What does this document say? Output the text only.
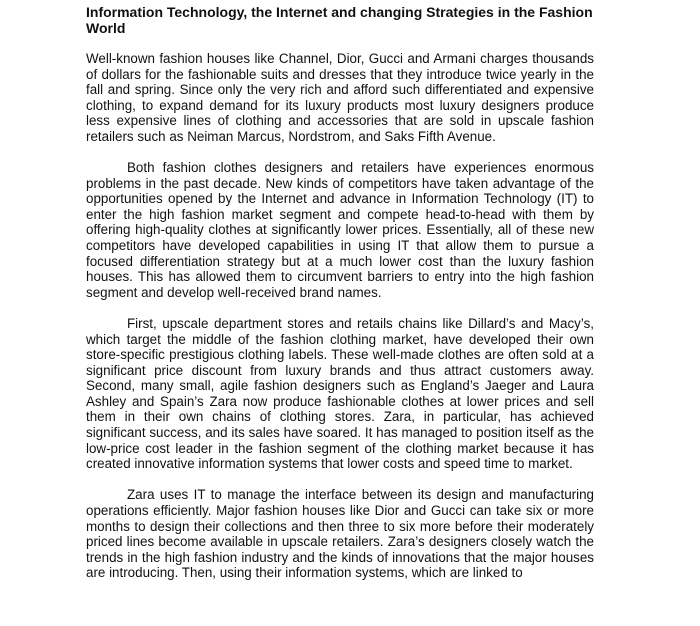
Information Technology, the Internet and changing Strategies in the Fashion World

Well-known fashion houses like Channel, Dior, Gucci and Armani charges thousands of dollars for the fashionable suits and dresses that they introduce twice yearly in the fall and spring. Since only the very rich and afford such differentiated and expensive clothing, to expand demand for its luxury products most luxury designers produce less expensive lines of clothing and accessories that are sold in upscale fashion retailers such as Neiman Marcus, Nordstrom, and Saks Fifth Avenue.

Both fashion clothes designers and retailers have experiences enormous problems in the past decade. New kinds of competitors have taken advantage of the opportunities opened by the Internet and advance in Information Technology (IT) to enter the high fashion market segment and compete head-to-head with them by offering high-quality clothes at significantly lower prices. Essentially, all of these new competitors have developed capabilities in using IT that allow them to pursue a focused differentiation strategy but at a much lower cost than the luxury fashion houses. This has allowed them to circumvent barriers to entry into the high fashion segment and develop well-received brand names.

First, upscale department stores and retails chains like Dillard’s and Macy’s, which target the middle of the fashion clothing market, have developed their own store-specific prestigious clothing labels. These well-made clothes are often sold at a significant price discount from luxury brands and thus attract customers away. Second, many small, agile fashion designers such as England’s Jaeger and Laura Ashley and Spain’s Zara now produce fashionable clothes at lower prices and sell them in their own chains of clothing stores. Zara, in particular, has achieved significant success, and its sales have soared. It has managed to position itself as the low-price cost leader in the fashion segment of the clothing market because it has created innovative information systems that lower costs and speed time to market.

Zara uses IT to manage the interface between its design and manufacturing operations efficiently. Major fashion houses like Dior and Gucci can take six or more months to design their collections and then three to six more before their moderately priced lines become available in upscale retailers. Zara’s designers closely watch the trends in the high fashion industry and the kinds of innovations that the major houses are introducing. Then, using their information systems, which are linked to
